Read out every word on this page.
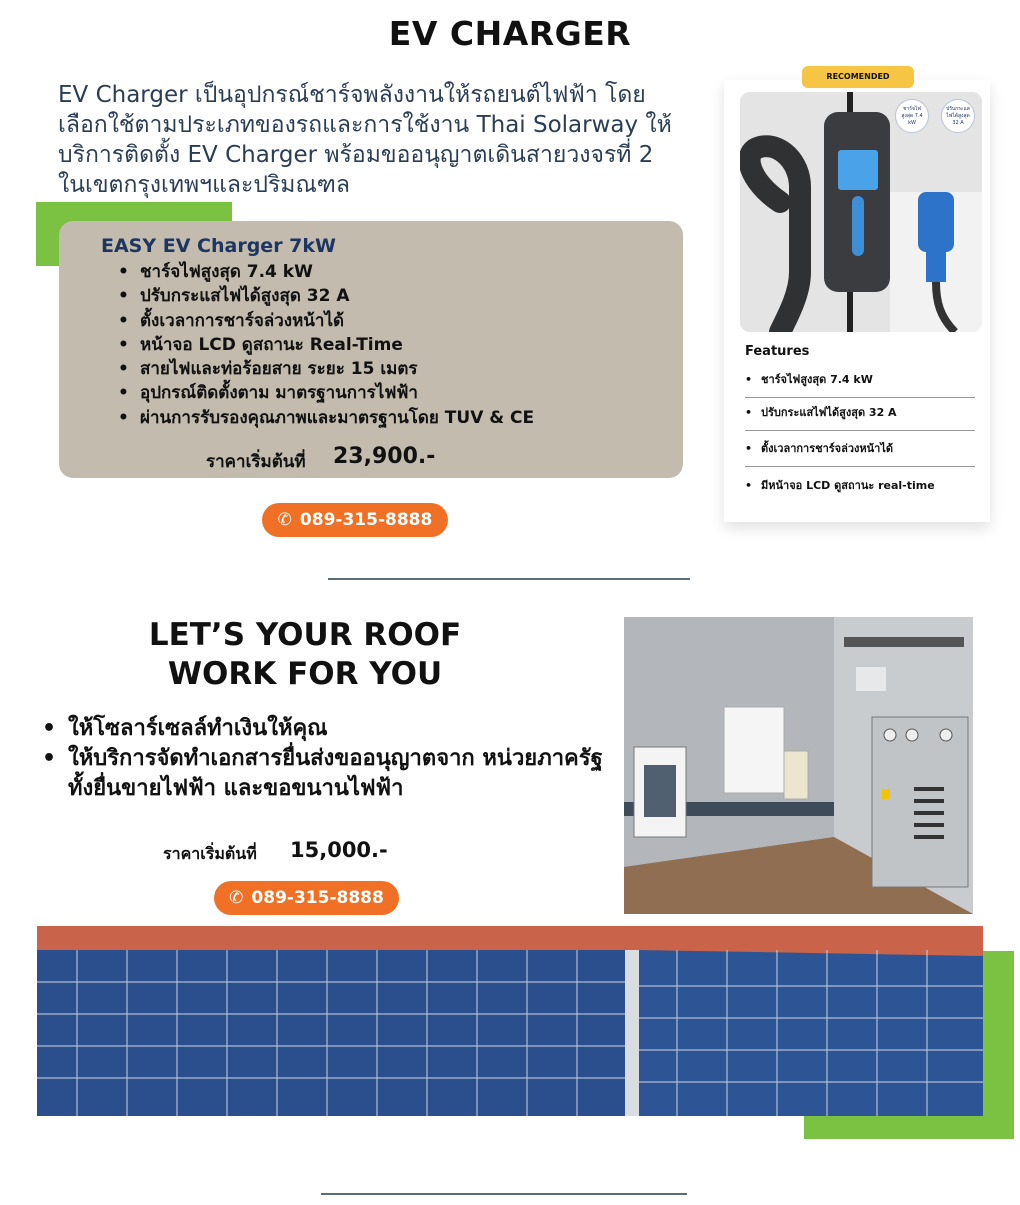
EV CHARGER
EV Charger เป็นอุปกรณ์ชาร์จพลังงานให้รถยนต์ไฟฟ้า โดย
เลือกใช้ตามประเภทของรถและการใช้งาน Thai Solarway ให้
บริการติดตั้ง EV Charger พร้อมขออนุญาตเดินสายวงจรที่ 2
ในเขตกรุงเทพฯและปริมณฑล
EASY EV Charger 7kW
• ชาร์จไฟสูงสุด 7.4 kW
• ปรับกระแสไฟได้สูงสุด 32 A
• ตั้งเวลาการชาร์จล่วงหน้าได้
• หน้าจอ LCD ดูสถานะ Real-Time
• สายไฟและท่อร้อยสาย ระยะ 15 เมตร
• อุปกรณ์ติดตั้งตาม มาตรฐานการไฟฟ้า
• ผ่านการรับรองคุณภาพและมาตรฐานโดย TUV & CE
ราคาเริ่มต้นที่ 23,900.-
✆ 089-315-8888
RECOMENDED
ชาร์จไฟสูงสุด 7.4 kW
ปรับกระแสไฟได้สูงสุด 32 A
Features
• ชาร์จไฟสูงสุด 7.4 kW
• ปรับกระแสไฟได้สูงสุด 32 A
• ตั้งเวลาการชาร์จล่วงหน้าได้
• มีหน้าจอ LCD ดูสถานะ real-time
LET’S YOUR ROOF
WORK FOR YOU
• ให้โซลาร์เซลล์ทำเงินให้คุณ
• ให้บริการจัดทำเอกสารยื่นส่งขออนุญาตจาก หน่วยภาครัฐ ทั้งยื่นขายไฟฟ้า และขอขนานไฟฟ้า
ราคาเริ่มต้นที่ 15,000.-
✆ 089-315-8888
